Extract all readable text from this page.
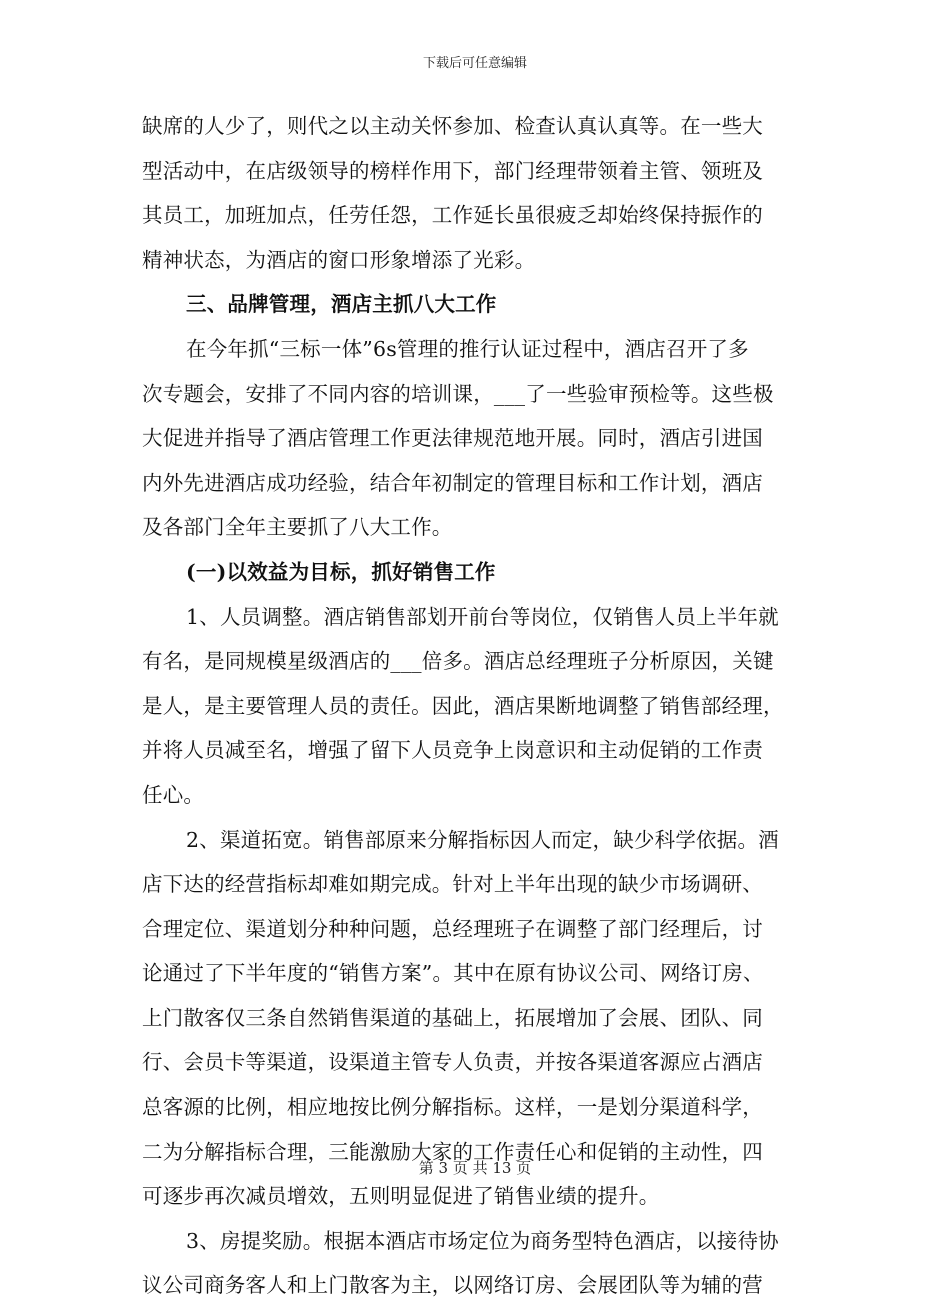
下载后可任意编辑
缺席的人少了，则代之以主动关怀参加、检查认真认真等。在一些大
型活动中，在店级领导的榜样作用下，部门经理带领着主管、领班及
其员工，加班加点，任劳任怨，工作延长虽很疲乏却始终保持振作的
精神状态，为酒店的窗口形象增添了光彩。
三、品牌管理，酒店主抓八大工作
在今年抓“三标一体”6s管理的推行认证过程中，酒店召开了多
次专题会，安排了不同内容的培训课，___了一些验审预检等。这些极
大促进并指导了酒店管理工作更法律规范地开展。同时，酒店引进国
内外先进酒店成功经验，结合年初制定的管理目标和工作计划，酒店
及各部门全年主要抓了八大工作。
(一)以效益为目标，抓好销售工作
1、人员调整。酒店销售部划开前台等岗位，仅销售人员上半年就
有名，是同规模星级酒店的___倍多。酒店总经理班子分析原因，关键
是人，是主要管理人员的责任。因此，酒店果断地调整了销售部经理，
并将人员减至名，增强了留下人员竞争上岗意识和主动促销的工作责
任心。
2、渠道拓宽。销售部原来分解指标因人而定，缺少科学依据。酒
店下达的经营指标却难如期完成。针对上半年出现的缺少市场调研、
合理定位、渠道划分种种问题，总经理班子在调整了部门经理后，讨
论通过了下半年度的“销售方案”。其中在原有协议公司、网络订房、
上门散客仅三条自然销售渠道的基础上，拓展增加了会展、团队、同
行、会员卡等渠道，设渠道主管专人负责，并按各渠道客源应占酒店
总客源的比例，相应地按比例分解指标。这样，一是划分渠道科学，
二为分解指标合理，三能激励大家的工作责任心和促销的主动性，四
可逐步再次减员增效，五则明显促进了销售业绩的提升。
3、房提奖励。根据本酒店市场定位为商务型特色酒店，以接待协
议公司商务客人和上门散客为主，以网络订房、会展团队等为辅的营
第 3 页 共 13 页
